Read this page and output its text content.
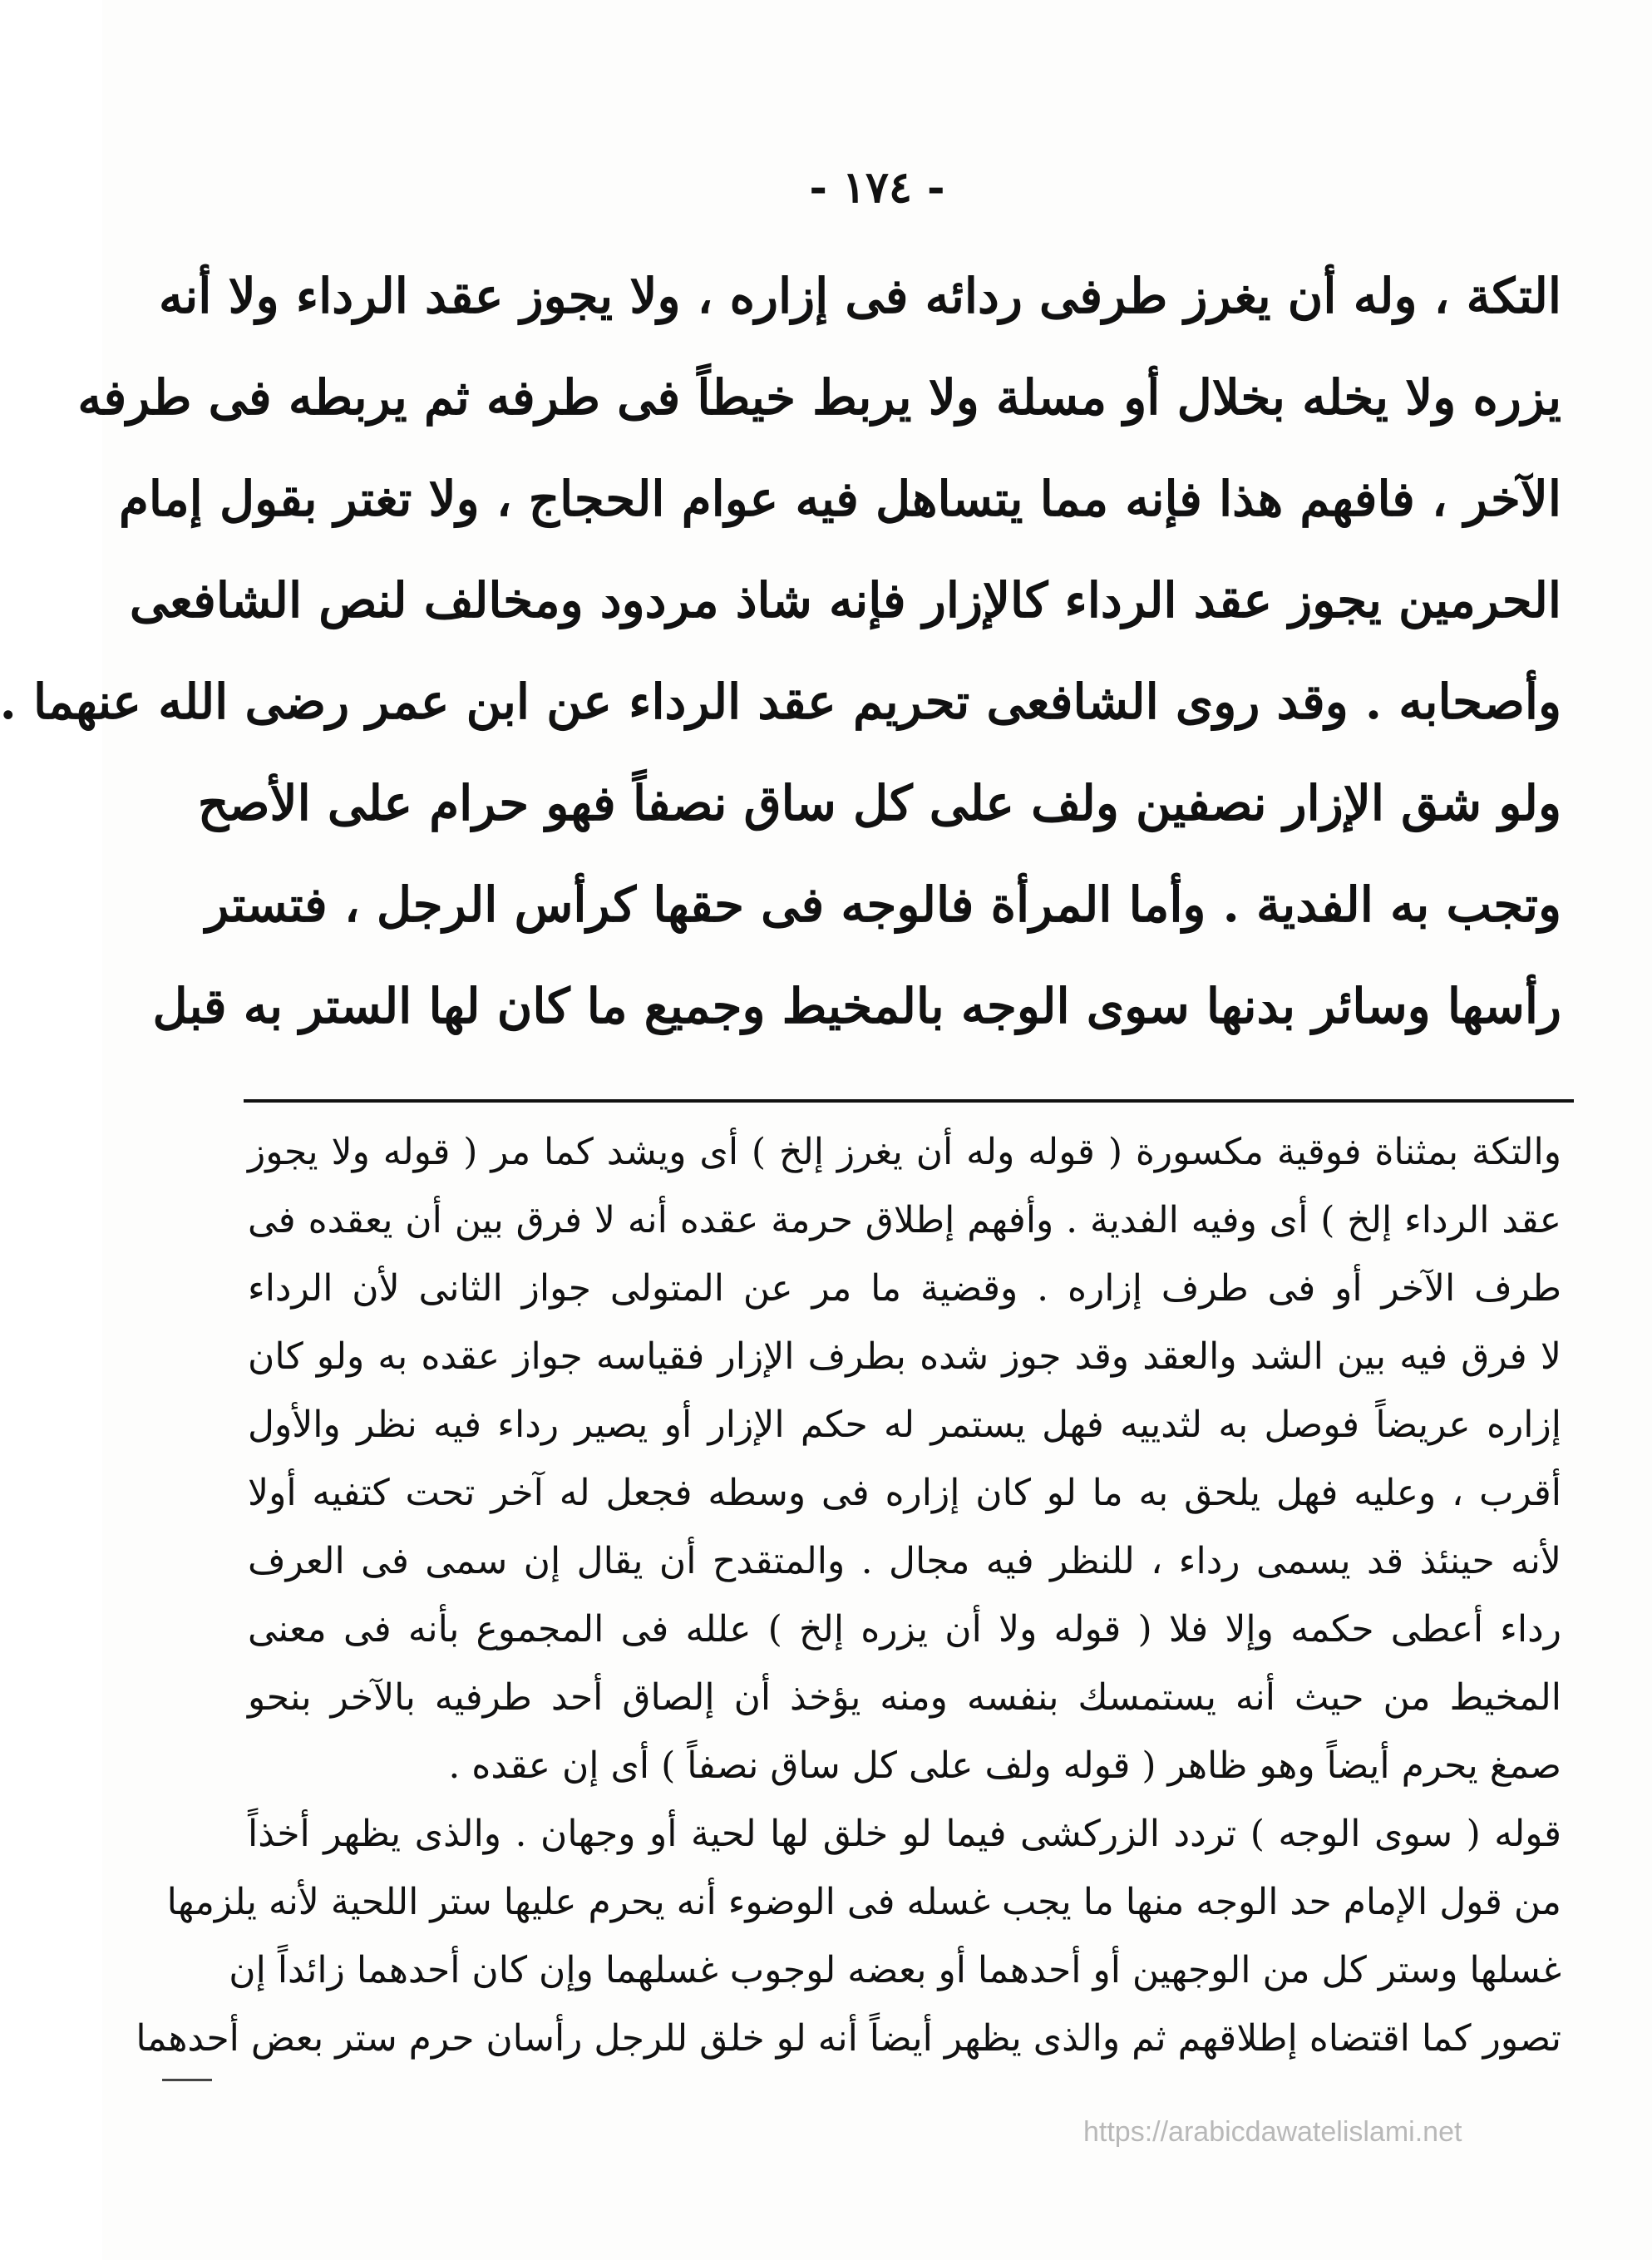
- ١٧٤ -
التكة ، وله أن يغرز طرفى ردائه فى إزاره ، ولا يجوز عقد الرداء ولا أنه
يزره ولا يخله بخلال أو مسلة ولا يربط خيطاً فى طرفه ثم يربطه فى طرفه
الآخر ، فافهم هذا فإنه مما يتساهل فيه عوام الحجاج ، ولا تغتر بقول إمام
الحرمين يجوز عقد الرداء كالإزار فإنه شاذ مردود ومخالف لنص الشافعى
وأصحابه . وقد روى الشافعى تحريم عقد الرداء عن ابن عمر رضى الله عنهما .
ولو شق الإزار نصفين ولف على كل ساق نصفاً فهو حرام على الأصح
وتجب به الفدية . وأما المرأة فالوجه فى حقها كرأس الرجل ، فتستر
رأسها وسائر بدنها سوى الوجه بالمخيط وجميع ما كان لها الستر به قبل
والتكة بمثناة فوقية مكسورة ( قوله وله أن يغرز إلخ ) أى ويشد كما مر ( قوله ولا يجوز
عقد الرداء إلخ ) أى وفيه الفدية . وأفهم إطلاق حرمة عقده أنه لا فرق بين أن يعقده فى
طرف الآخر أو فى طرف إزاره . وقضية ما مر عن المتولى جواز الثانى لأن الرداء
لا فرق فيه بين الشد والعقد وقد جوز شده بطرف الإزار فقياسه جواز عقده به ولو كان
إزاره عريضاً فوصل به لثدييه فهل يستمر له حكم الإزار أو يصير رداء فيه نظر والأول
أقرب ، وعليه فهل يلحق به ما لو كان إزاره فى وسطه فجعل له آخر تحت كتفيه أولا
لأنه حينئذ قد يسمى رداء ، للنظر فيه مجال . والمتقدح أن يقال إن سمى فى العرف
رداء أعطى حكمه وإلا فلا ( قوله ولا أن يزره إلخ ) علله فى المجموع بأنه فى معنى
المخيط من حيث أنه يستمسك بنفسه ومنه يؤخذ أن إلصاق أحد طرفيه بالآخر بنحو
صمغ يحرم أيضاً وهو ظاهر ( قوله ولف على كل ساق نصفاً ) أى إن عقده .
قوله ( سوى الوجه ) تردد الزركشى فيما لو خلق لها لحية أو وجهان . والذى يظهر أخذاً
من قول الإمام حد الوجه منها ما يجب غسله فى الوضوء أنه يحرم عليها ستر اللحية لأنه يلزمها
غسلها وستر كل من الوجهين أو أحدهما أو بعضه لوجوب غسلهما وإن كان أحدهما زائداً إن
تصور كما اقتضاه إطلاقهم ثم والذى يظهر أيضاً أنه لو خلق للرجل رأسان حرم ستر بعض أحدهما
https://arabicdawatelislami.net
